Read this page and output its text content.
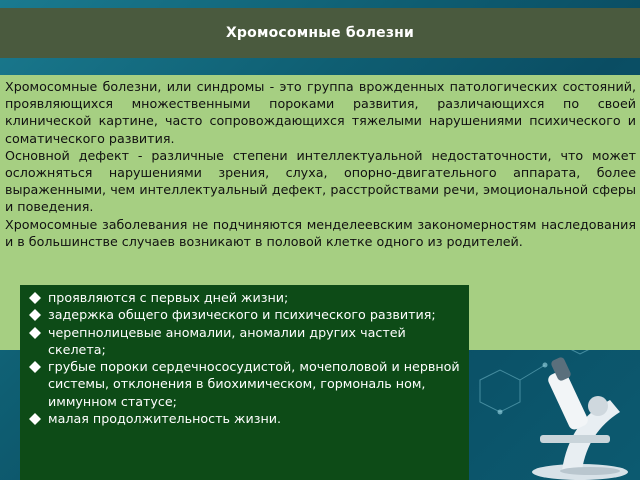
Хромосомные болезни

Хромосомные болезни, или синдромы - это группа врожденных патологических состояний, проявляющихся множественными пороками развития, различающихся по своей клинической картине, часто сопровождающихся тяжелыми нарушениями психического и соматического развития.

Основной дефект - различные степени интеллектуальной недостаточности, что может осложняться нарушениями зрения, слуха, опорно-двигательного аппарата, более выраженными, чем интеллектуальный дефект, расстройствами речи, эмоциональной сферы и поведения.

Хромосомные заболевания не подчиняются менделеевским закономерностям наследования и в большинстве случаев возникают в половой клетке одного из родителей.

проявляются с первых дней жизни;
задержка общего физического и психического развития;
черепнолицевые аномалии, аномалии других частей скелета;
грубые пороки сердечнососудистой, мочеполовой и нервной системы, отклонения в биохимическом, гормональ ном, иммунном статусе;
малая продолжительность жизни.
